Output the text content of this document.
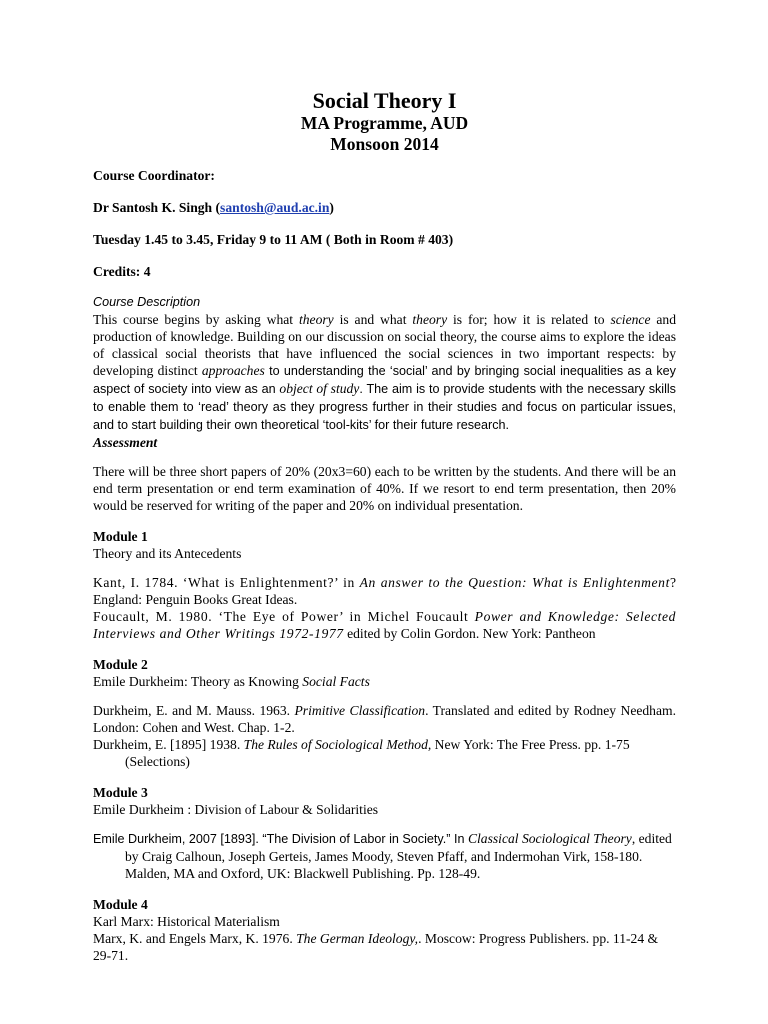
Social Theory I
MA Programme, AUD
Monsoon 2014

Course Coordinator:

Dr Santosh K. Singh (santosh@aud.ac.in)

Tuesday 1.45 to 3.45, Friday 9 to 11 AM ( Both in Room # 403)

Credits: 4

Course Description

This course begins by asking what theory is and what theory is for; how it is related to science and production of knowledge. Building on our discussion on social theory, the course aims to explore the ideas of classical social theorists that have influenced the social sciences in two important respects: by developing distinct approaches to understanding the ‘social’ and by bringing social inequalities as a key aspect of society into view as an object of study. The aim is to provide students with the necessary skills to enable them to ‘read’ theory as they progress further in their studies and focus on particular issues, and to start building their own theoretical ‘tool-kits’ for their future research.

Assessment

There will be three short papers of 20% (20x3=60) each to be written by the students. And there will be an end term presentation or end term examination of 40%. If we resort to end term presentation, then 20% would be reserved for writing of the paper and 20% on individual presentation.

Module 1

Theory and its Antecedents

Kant, I. 1784. ‘What is Enlightenment?’ in An answer to the Question: What is Enlightenment? England: Penguin Books Great Ideas.

Foucault, M. 1980. ‘The Eye of Power’ in Michel Foucault Power and Knowledge: Selected Interviews and Other Writings 1972-1977 edited by Colin Gordon. New York: Pantheon

Module 2

Emile Durkheim: Theory as Knowing Social Facts

Durkheim, E. and M. Mauss. 1963. Primitive Classification. Translated and edited by Rodney Needham. London: Cohen and West. Chap. 1-2.

Durkheim, E. [1895] 1938. The Rules of Sociological Method, New York: The Free Press. pp. 1-75 (Selections)

Module 3

Emile Durkheim : Division of Labour & Solidarities

Emile Durkheim, 2007 [1893]. “The Division of Labor in Society.” In Classical Sociological Theory, edited by Craig Calhoun, Joseph Gerteis, James Moody, Steven Pfaff, and Indermohan Virk, 158-180. Malden, MA and Oxford, UK: Blackwell Publishing. Pp. 128-49.

Module 4

Karl Marx: Historical Materialism

Marx, K. and Engels Marx, K. 1976. The German Ideology,. Moscow: Progress Publishers. pp. 11-24 & 29-71.
